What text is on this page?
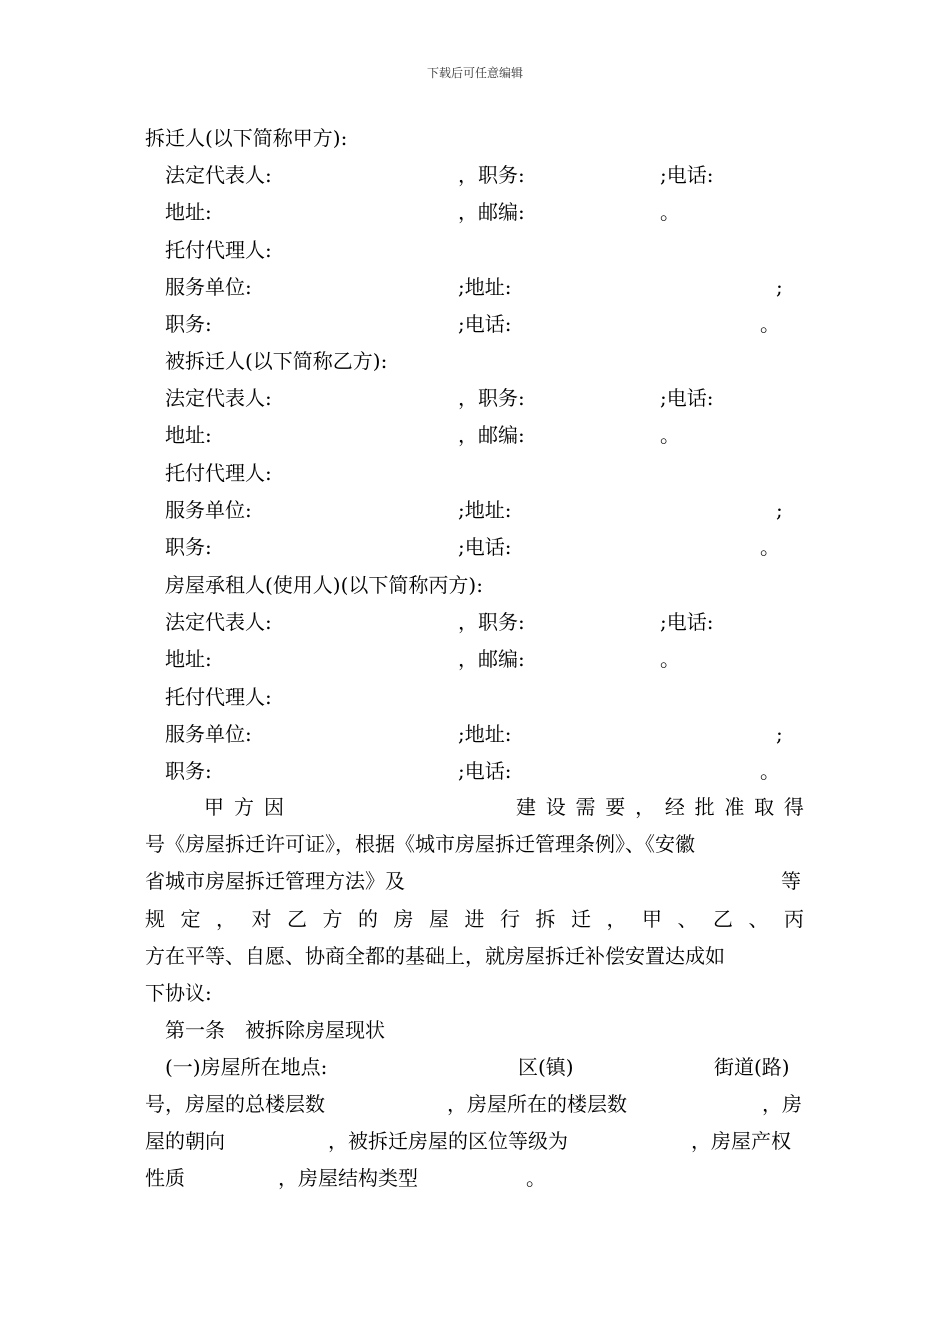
下载后可任意编辑
拆迁人(以下简称甲方):
法定代表人:	，职务:	;电话:
地址:	，邮编:	。
托付代理人:
服务单位:	;地址:	;
职务:	;电话:	。
被拆迁人(以下简称乙方):
法定代表人:	，职务:	;电话:
地址:	，邮编:	。
托付代理人:
服务单位:	;地址:	;
职务:	;电话:	。
房屋承租人(使用人)(以下简称丙方):
法定代表人:	，职务:	;电话:
地址:	，邮编:	。
托付代理人:
服务单位:	;地址:	;
职务:	;电话:	。
甲 方 因	建 设 需 要 ， 经 批 准 取 得
号《房屋拆迁许可证》，根据《城市房屋拆迁管理条例》、《安徽
省城市房屋拆迁管理方法》及	等
规 定 ， 对 乙 方 的 房 屋 进 行 拆 迁 ， 甲 、 乙 、 丙
方在平等、自愿、协商全都的基础上，就房屋拆迁补偿安置达成如
下协议:
第一条　被拆除房屋现状
(一)房屋所在地点:	区(镇)	街道(路)
号，房屋的总楼层数	，房屋所在的楼层数	，房
屋的朝向	，被拆迁房屋的区位等级为	，房屋产权
性质	，房屋结构类型	。
